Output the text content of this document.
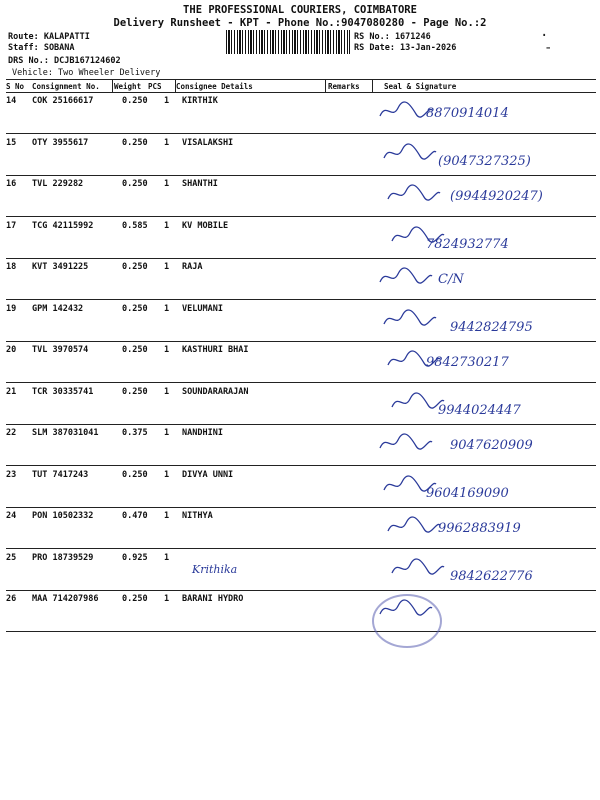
THE PROFESSIONAL COURIERS, COIMBATORE
Delivery Runsheet - KPT - Phone No.:9047080280 - Page No.:2
Route: KALAPATTI
Staff: SOBANA
DRS No.: DCJB167124602
Vehicle: Two Wheeler Delivery
RS No.: 1671246
RS Date: 13-Jan-2026
·
-
S No Consignment No. Weight PCS Consignee Details	Remarks	Seal & Signature
14 COK 25166617	0.250 1 KIRTHIK
8870914014
15 OTY 3955617	0.250 1 VISALAKSHI
(9047327325)
16 TVL 229282	0.250 1 SHANTHI
(9944920247)
17 TCG 42115992	0.585 1 KV MOBILE
7824932774
18 KVT 3491225	0.250 1 RAJA
C/N
19 GPM 142432	0.250 1 VELUMANI
9442824795
20 TVL 3970574	0.250 1 KASTHURI BHAI
9842730217
21 TCR 30335741	0.250 1 SOUNDARARAJAN
9944024447
22 SLM 387031041	0.375 1 NANDHINI
9047620909
23 TUT 7417243	0.250 1 DIVYA UNNI
9604169090
24 PON 10502332	0.470 1 NITHYA
9962883919
25 PRO 18739529	0.925 1
Krithika	9842622776
26 MAA 714207986	0.250 1 BARANI HYDRO
